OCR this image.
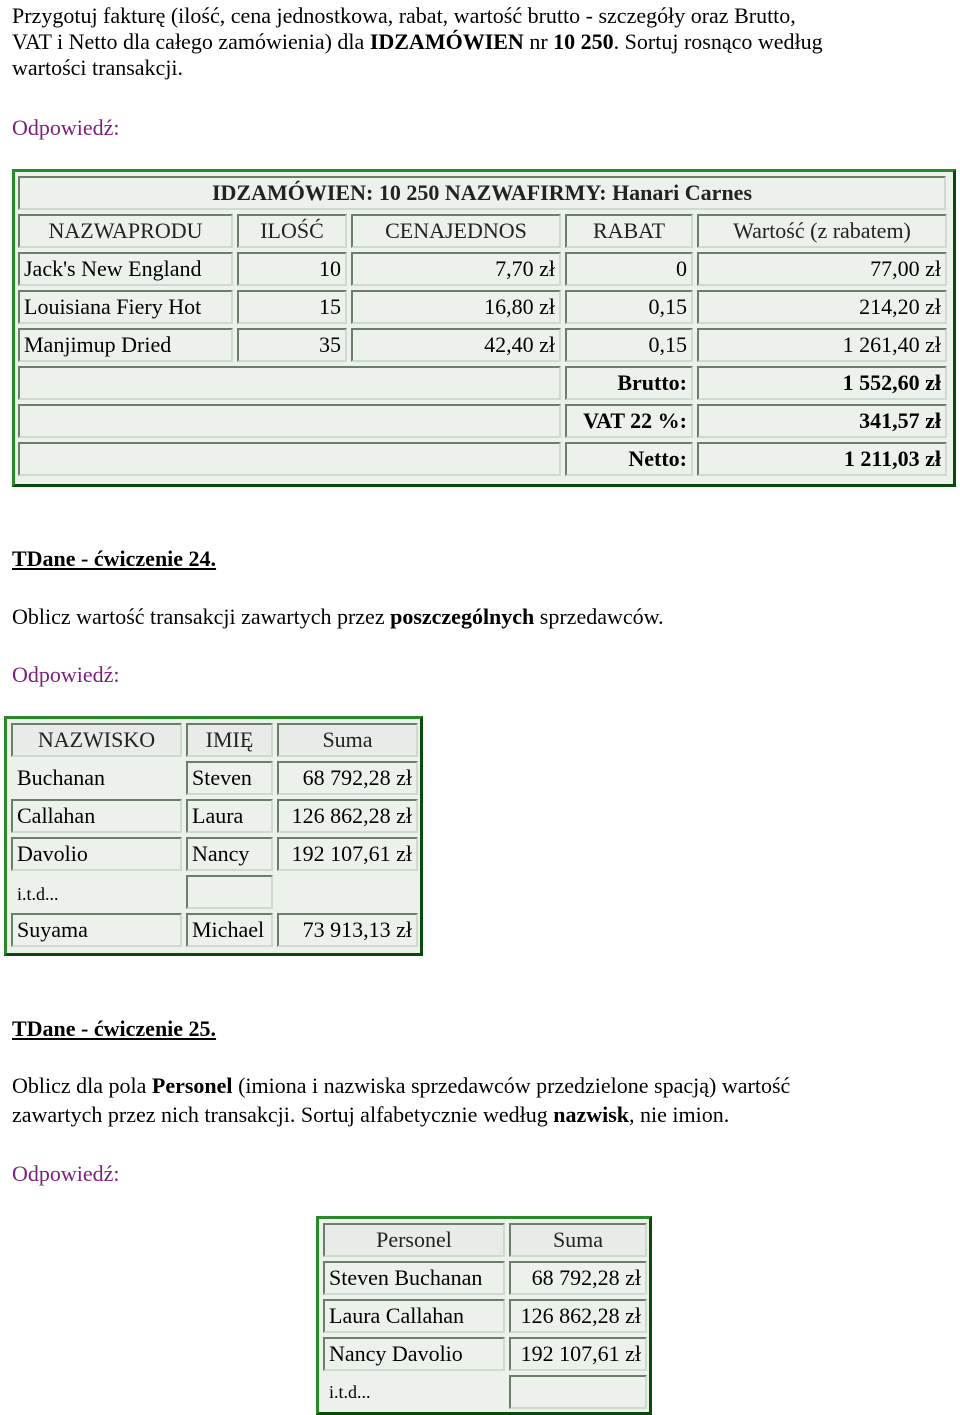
Przygotuj fakturę (ilość, cena jednostkowa, rabat, wartość brutto - szczegóły oraz Brutto,

VAT i Netto dla całego zamówienia) dla IDZAMÓWIEN nr 10 250. Sortuj rosnąco według

wartości transakcji.

Odpowiedź:

IDZAMÓWIEN: 10 250 NAZWAFIRMY: Hanari Carnes
NAZWAPRODU	ILOŚĆ	CENAJEDNOS	RABAT	Wartość (z rabatem)
Jack's New England	10	7,70 zł	0	77,00 zł
Louisiana Fiery Hot	15	16,80 zł	0,15	214,20 zł
Manjimup Dried	35	42,40 zł	0,15	1 261,40 zł
Brutto:	1 552,60 zł
VAT 22 %:	341,57 zł
Netto:	1 211,03 zł

TDane - ćwiczenie 24.

Oblicz wartość transakcji zawartych przez poszczególnych sprzedawców.

Odpowiedź:

NAZWISKO	IMIĘ	Suma
Buchanan	Steven	68 792,28 zł
Callahan	Laura	126 862,28 zł
Davolio	Nancy	192 107,61 zł
i.t.d...
Suyama	Michael	73 913,13 zł

TDane - ćwiczenie 25.

Oblicz dla pola Personel (imiona i nazwiska sprzedawców przedzielone spacją) wartość

zawartych przez nich transakcji. Sortuj alfabetycznie według nazwisk, nie imion.

Odpowiedź:

Personel	Suma
Steven Buchanan	68 792,28 zł
Laura Callahan	126 862,28 zł
Nancy Davolio	192 107,61 zł
i.t.d...
